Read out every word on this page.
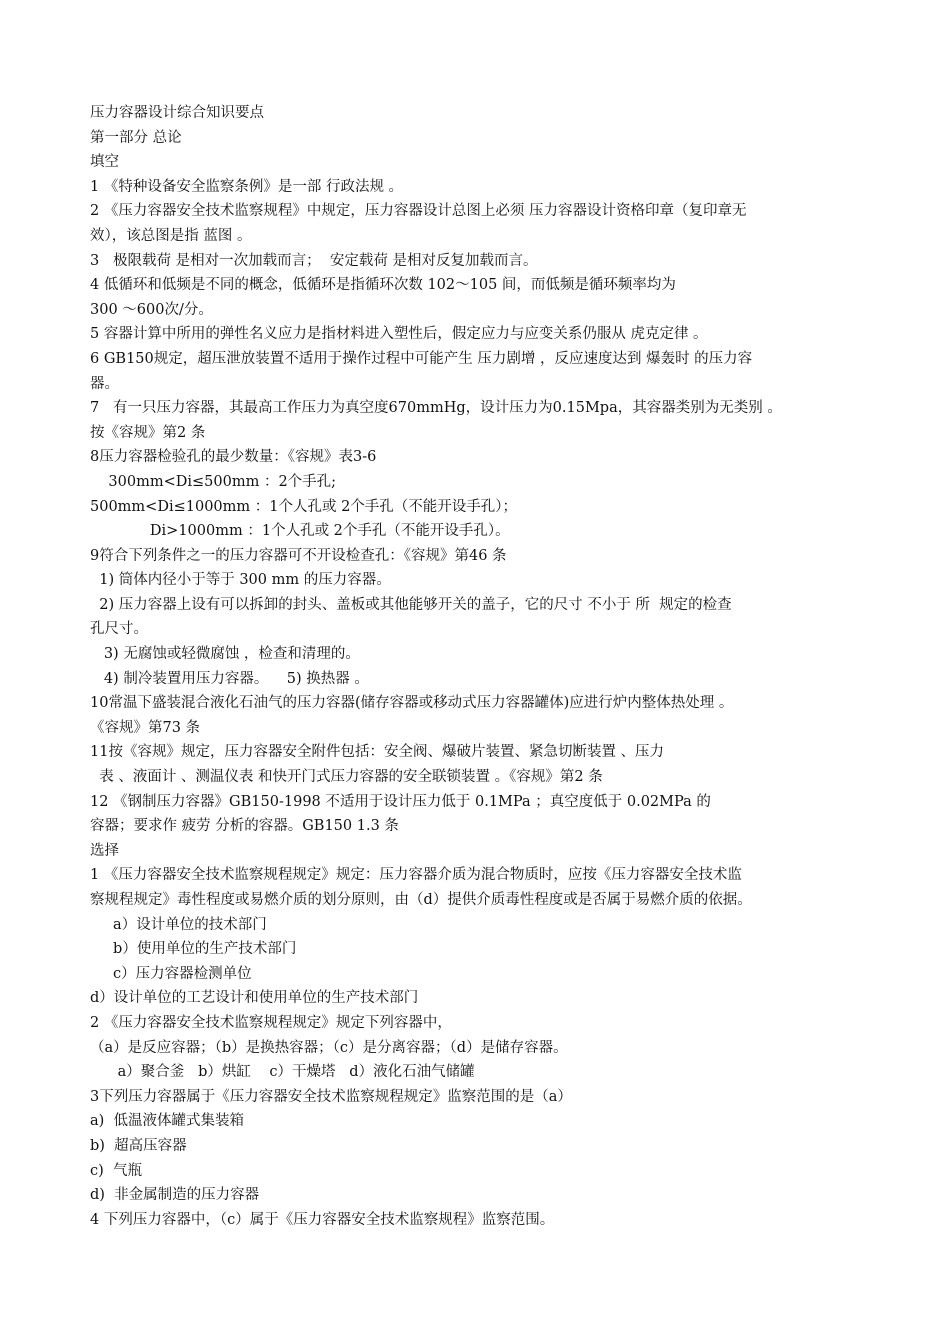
压力容器设计综合知识要点
第一部分 总论
填空
1 《特种设备安全监察条例》是一部 行政法规 。
2 《压力容器安全技术监察规程》中规定，压力容器设计总图上必须 压力容器设计资格印章（复印章无
效），该总图是指 蓝图 。
3   极限载荷 是相对一次加载而言；  安定载荷 是相对反复加载而言。
4 低循环和低频是不同的概念，低循环是指循环次数 102～105 间，而低频是循环频率均为
300 ～600次/分。
5 容器计算中所用的弹性名义应力是指材料进入塑性后，假定应力与应变关系仍服从 虎克定律 。
6 GB150规定，超压泄放装置不适用于操作过程中可能产生 压力剧增 ，反应速度达到 爆轰时 的压力容
器。
7   有一只压力容器，其最高工作压力为真空度670mmHg，设计压力为0.15Mpa，其容器类别为无类别 。
按《容规》第2 条
8压力容器检验孔的最少数量：《容规》表3-6
300mm<Di≤500mm ：2个手孔;
500mm<Di≤1000mm ：1个人孔或 2个手孔（不能开设手孔）；
Di>1000mm ：1个人孔或 2个手孔（不能开设手孔）。
9符合下列条件之一的压力容器可不开设检查孔：《容规》第46 条
1) 筒体内径小于等于 300 mm 的压力容器。
2) 压力容器上设有可以拆卸的封头、盖板或其他能够开关的盖子，它的尺寸 不小于 所  规定的检查
孔尺寸。
3) 无腐蚀或轻微腐蚀 ，检查和清理的。
4) 制冷装置用压力容器。    5) 换热器 。
10常温下盛装混合液化石油气的压力容器(储存容器或移动式压力容器罐体)应进行炉内整体热处理 。
《容规》第73 条
11按《容规》规定，压力容器安全附件包括：安全阀、爆破片装置、紧急切断装置 、压力
表 、液面计 、测温仪表 和快开门式压力容器的安全联锁装置 。《容规》第2 条
12 《钢制压力容器》GB150-1998 不适用于设计压力低于 0.1MPa ；真空度低于 0.02MPa 的
容器；要求作 疲劳 分析的容器。GB150 1.3 条
选择
1 《压力容器安全技术监察规程规定》规定：压力容器介质为混合物质时，应按《压力容器安全技术监
察规程规定》毒性程度或易燃介质的划分原则，由（d）提供介质毒性程度或是否属于易燃介质的依据。
a）设计单位的技术部门
b）使用单位的生产技术部门
c）压力容器检测单位
d）设计单位的工艺设计和使用单位的生产技术部门
2 《压力容器安全技术监察规程规定》规定下列容器中，
（a）是反应容器；（b）是换热容器；（c）是分离容器；（d）是储存容器。
a）聚合釜   b）烘缸    c）干燥塔   d）液化石油气储罐
3下列压力容器属于《压力容器安全技术监察规程规定》监察范围的是（a）
a)  低温液体罐式集装箱
b)  超高压容器
c)  气瓶
d)  非金属制造的压力容器
4 下列压力容器中，（c）属于《压力容器安全技术监察规程》监察范围。
